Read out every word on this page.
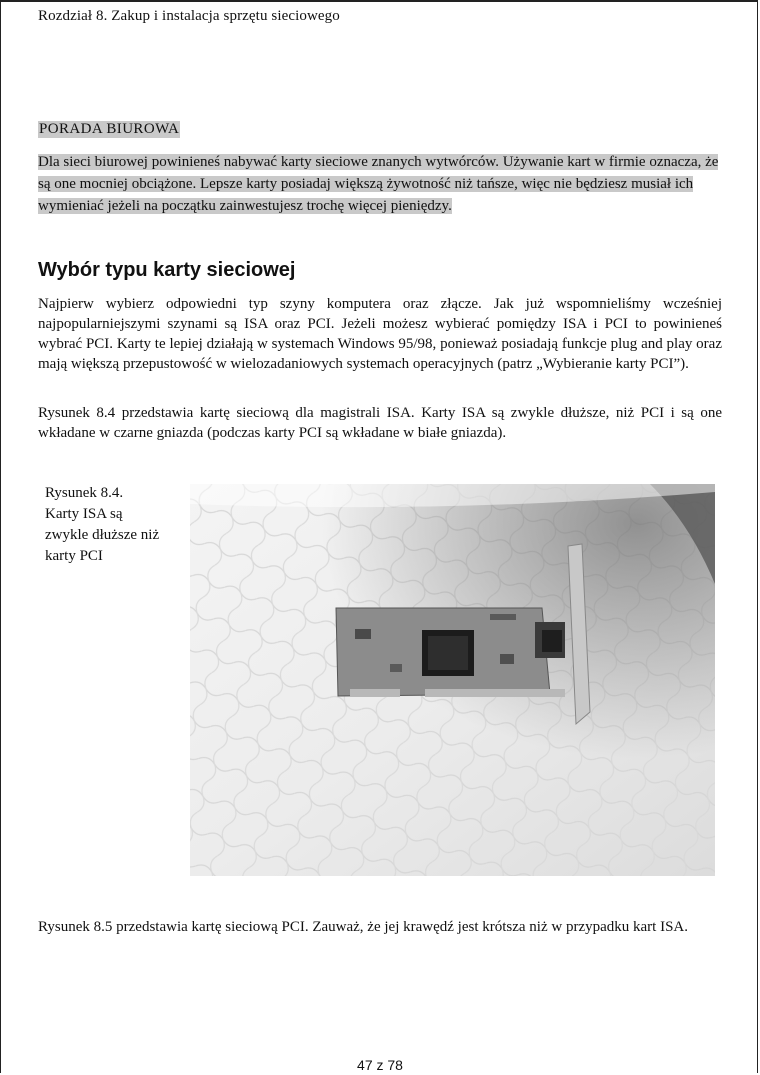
Rozdział 8. Zakup i instalacja sprzętu sieciowego
PORADA BIUROWA
Dla sieci biurowej powinieneś nabywać karty sieciowe znanych wytwórców. Używanie kart w firmie oznacza, że są one mocniej obciążone. Lepsze karty posiadaj większą żywotność niż tańsze, więc nie będziesz musiał ich wymieniać jeżeli na początku zainwestujesz trochę więcej pieniędzy.
Wybór typu karty sieciowej
Najpierw wybierz odpowiedni typ szyny komputera oraz złącze. Jak już wspomnieliśmy wcześniej najpopularniejszymi szynami są ISA oraz PCI. Jeżeli możesz wybierać pomiędzy ISA i PCI to powinieneś wybrać PCI. Karty te lepiej działają w systemach Windows 95/98, ponieważ posiadają funkcje plug and play oraz mają większą przepustowość w wielozadaniowych systemach operacyjnych (patrz „Wybieranie karty PCI”).
Rysunek 8.4 przedstawia kartę sieciową dla magistrali ISA. Karty ISA są zwykle dłuższe, niż PCI i są one wkładane w czarne gniazda (podczas karty PCI są wkładane w białe gniazda).
Rysunek 8.4.
Karty ISA są
zwykle dłuższe niż
karty PCI
Rysunek 8.5 przedstawia kartę sieciową PCI. Zauważ, że jej krawędź jest krótsza niż w przypadku kart ISA.
47 z 78
